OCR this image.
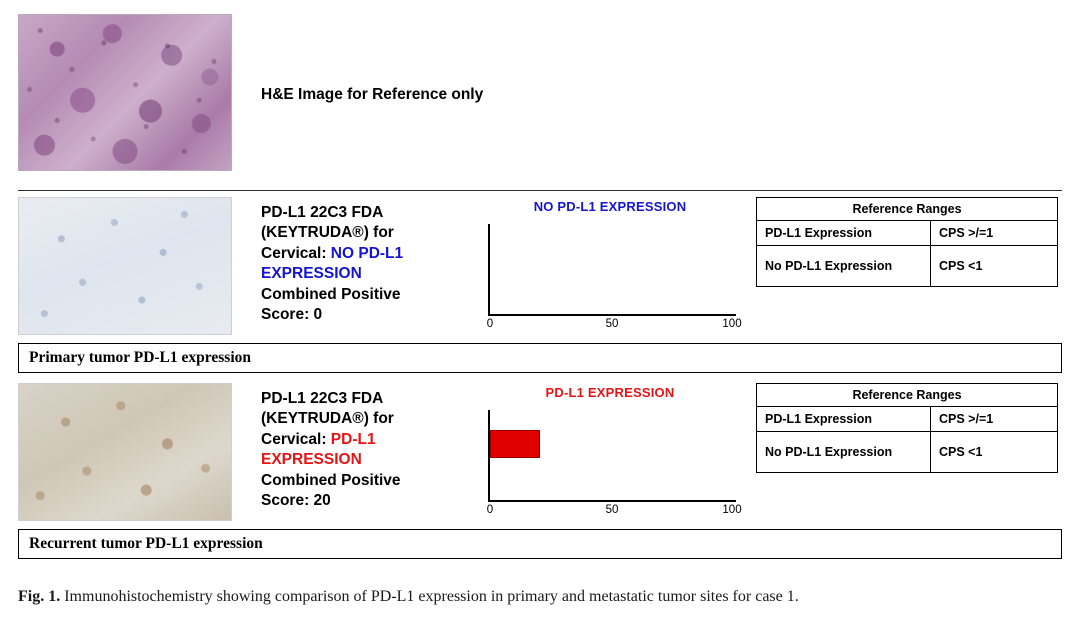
H&E Image for Reference only
PD-L1 22C3 FDA
(KEYTRUDA®) for
Cervical: NO PD-L1
EXPRESSION
Combined Positive
Score: 0
NO PD-L1 EXPRESSION
0	50	100
Reference Ranges	
PD-L1 Expression	CPS >/=1
No PD-L1 Expression	CPS <1
Primary tumor PD-L1 expression
PD-L1 22C3 FDA
(KEYTRUDA®) for
Cervical: PD-L1
EXPRESSION
Combined Positive
Score: 20
PD-L1 EXPRESSION
0	50	100
Reference Ranges	
PD-L1 Expression	CPS >/=1
No PD-L1 Expression	CPS <1
Recurrent tumor PD-L1 expression
Fig. 1. Immunohistochemistry showing comparison of PD-L1 expression in primary and metastatic tumor sites for case 1.
